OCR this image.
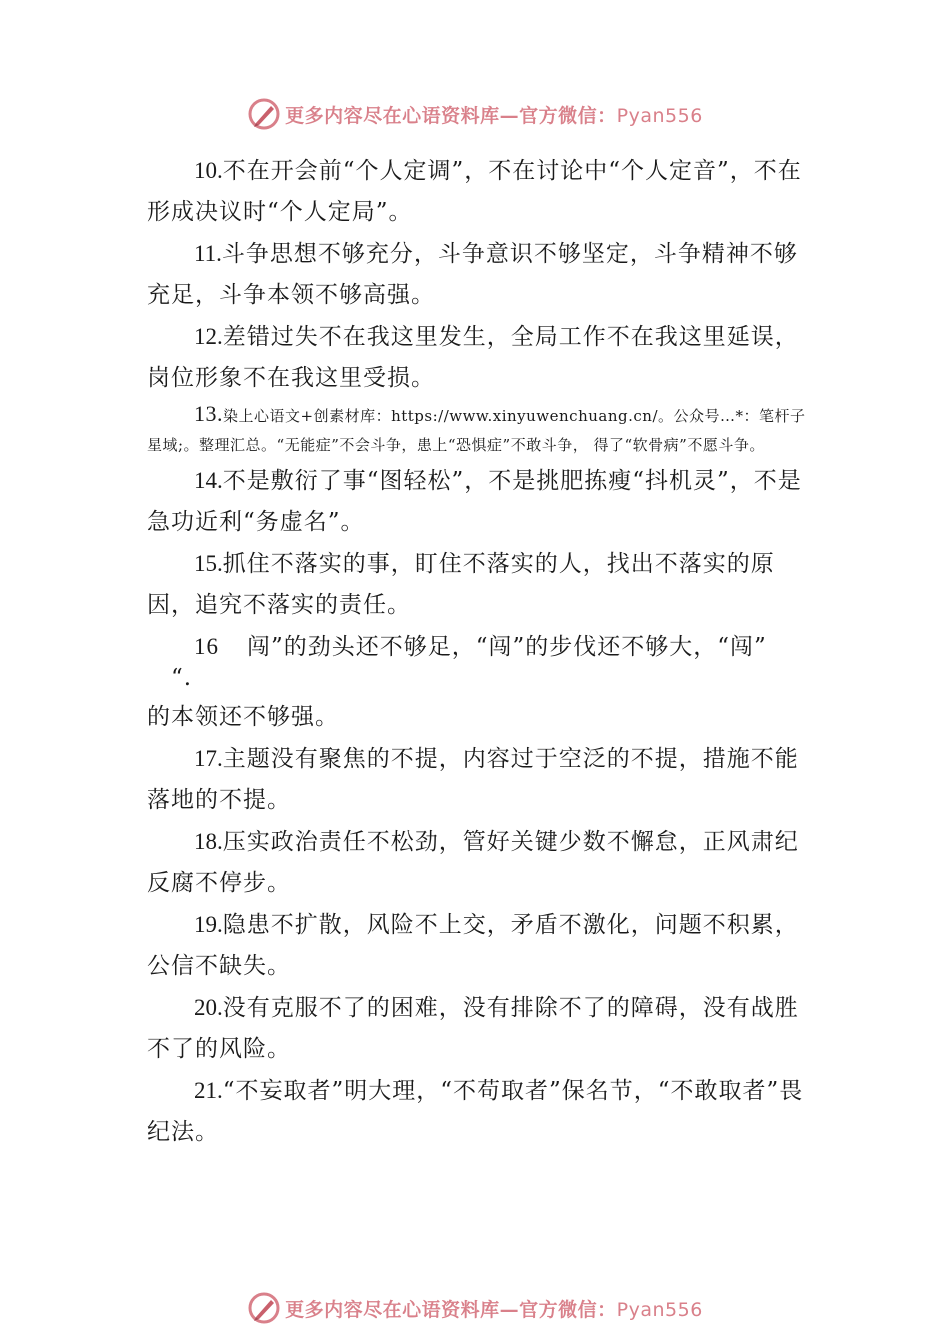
更多内容尽在心语资料库—官方微信：Pyan556

10.不在开会前“个人定调”，不在讨论中“个人定音”，不在形成决议时“个人定局”。

11.斗争思想不够充分，斗争意识不够坚定，斗争精神不够充足，斗争本领不够高强。

12.差错过失不在我这里发生，全局工作不在我这里延误，岗位形象不在我这里受损。

13.染上心语文+创素材库：https://www.xinyuwenchuang.cn/。公众号…*：笔杆子星域;。整理汇总。“无能症”不会斗争，患上“恐惧症”不敢斗争， 得了“软骨病”不愿斗争。

14.不是敷衍了事“图轻松”，不是挑肥拣瘦“抖机灵”，不是急功近利“务虚名”。

15.抓住不落实的事，盯住不落实的人，找出不落实的原因，追究不落实的责任。

16 闯”的劲头还不够足，“闯”的步伐还不够大，“闯”
“.
的本领还不够强。

17.主题没有聚焦的不提，内容过于空泛的不提，措施不能落地的不提。

18.压实政治责任不松劲，管好关键少数不懈怠，正风肃纪反腐不停步。

19.隐患不扩散，风险不上交，矛盾不激化，问题不积累，公信不缺失。

20.没有克服不了的困难，没有排除不了的障碍，没有战胜不了的风险。

21.“不妄取者”明大理，“不苟取者”保名节，“不敢取者”畏纪法。

更多内容尽在心语资料库—官方微信：Pyan556
